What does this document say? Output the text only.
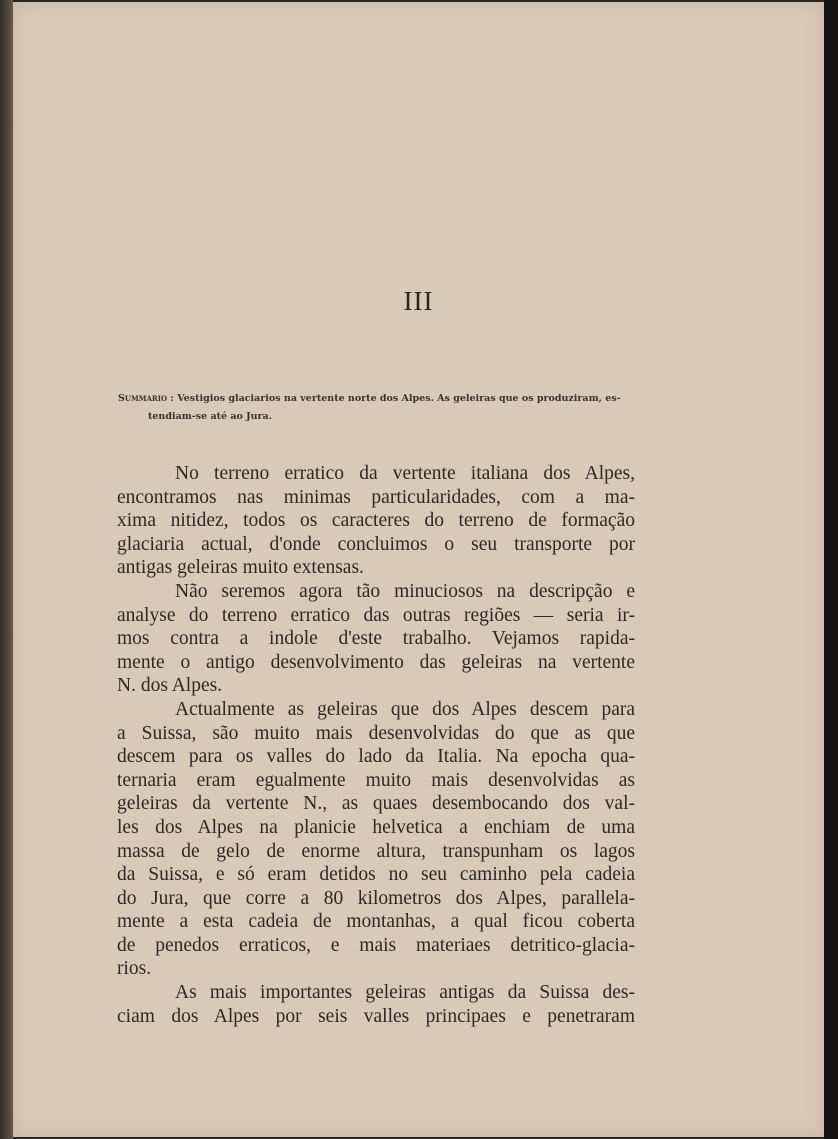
III
Summario : Vestigios glaciarios na vertente norte dos Alpes. As geleiras que os produziram, es-
tendiam-se até ao Jura.
No terreno erratico da vertente italiana dos Alpes,
encontramos nas minimas particularidades, com a ma-
xima nitidez, todos os caracteres do terreno de formação
glaciaria actual, d'onde concluimos o seu transporte por
antigas geleiras muito extensas.
Não seremos agora tão minuciosos na descripção e
analyse do terreno erratico das outras regiões — seria ir-
mos contra a indole d'este trabalho. Vejamos rapida-
mente o antigo desenvolvimento das geleiras na vertente
N. dos Alpes.
Actualmente as geleiras que dos Alpes descem para
a Suissa, são muito mais desenvolvidas do que as que
descem para os valles do lado da Italia. Na epocha qua-
ternaria eram egualmente muito mais desenvolvidas as
geleiras da vertente N., as quaes desembocando dos val-
les dos Alpes na planicie helvetica a enchiam de uma
massa de gelo de enorme altura, transpunham os lagos
da Suissa, e só eram detidos no seu caminho pela cadeia
do Jura, que corre a 80 kilometros dos Alpes, parallela-
mente a esta cadeia de montanhas, a qual ficou coberta
de penedos erraticos, e mais materiaes detritico-glacia-
rios.
As mais importantes geleiras antigas da Suissa des-
ciam dos Alpes por seis valles principaes e penetraram
